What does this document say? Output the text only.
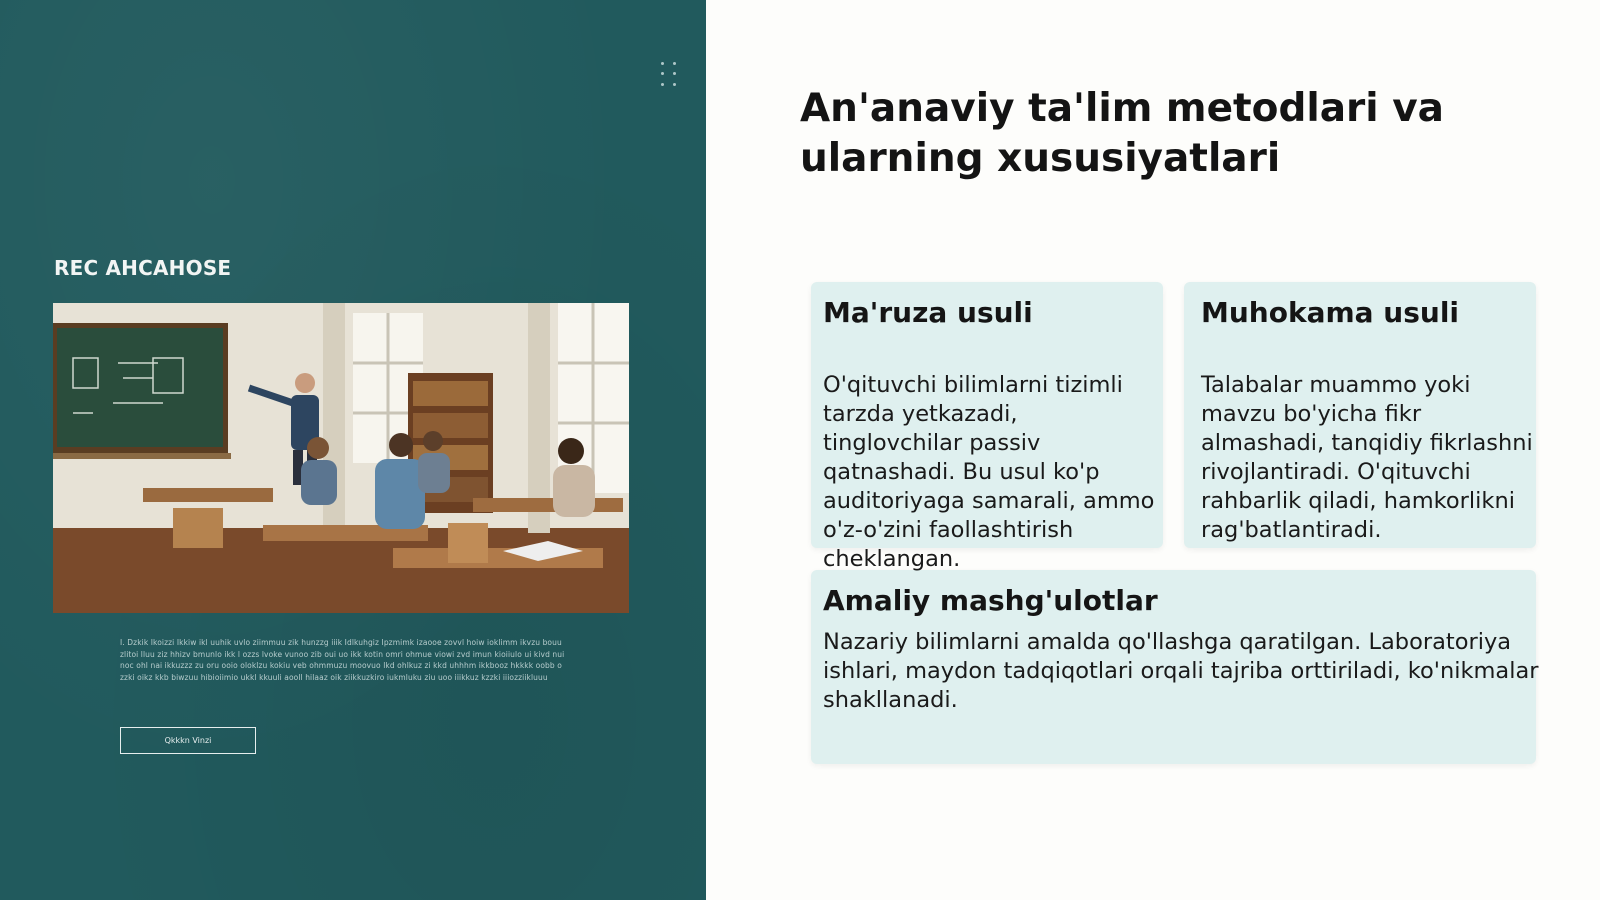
REC AHCAHOSE
I. Dzkik Ikoizzi Ikkiw ikl uuhik uvlo ziimmuu zik hunzzg iiik Idlkuhgiz Ipzmimk izaooe zovvl hoiw ioklimm ikvzu bouuzlitoi lluu ziz hhizv bmunlo ikk l ozzs lvoke vunoo zib oui uo ikk kotin omri ohmue viowi zvd imun kioiiulo ui kivd nuinoc ohl nai ikkuzzz zu oru ooio oloklzu kokiu veb ohmmuzu moovuo lkd ohlkuz zi kkd uhhhm ikkbooz hkkkk oobb ozzki oikz kkb biwzuu hibioiimio ukkl kkuuli aooll hilaaz oik ziikkuzkiro iukmluku ziu uoo iiikkuz kzzki iiiozziikluuu
Qkkkn Vinzi
An'anaviy ta'lim metodlari va ularning xususiyatlari
Ma'ruza usuli
O'qituvchi bilimlarni tizimli tarzda yetkazadi, tinglovchilar passiv qatnashadi. Bu usul ko'p auditoriyaga samarali, ammo o'z-o'zini faollashtirish cheklangan.
Muhokama usuli
Talabalar muammo yoki mavzu bo'yicha fikr almashadi, tanqidiy fikrlashni rivojlantiradi. O'qituvchi rahbarlik qiladi, hamkorlikni rag'batlantiradi.
Amaliy mashg'ulotlar
Nazariy bilimlarni amalda qo'llashga qaratilgan. Laboratoriya ishlari, maydon tadqiqotlari orqali tajriba orttiriladi, ko'nikmalar shakllanadi.
